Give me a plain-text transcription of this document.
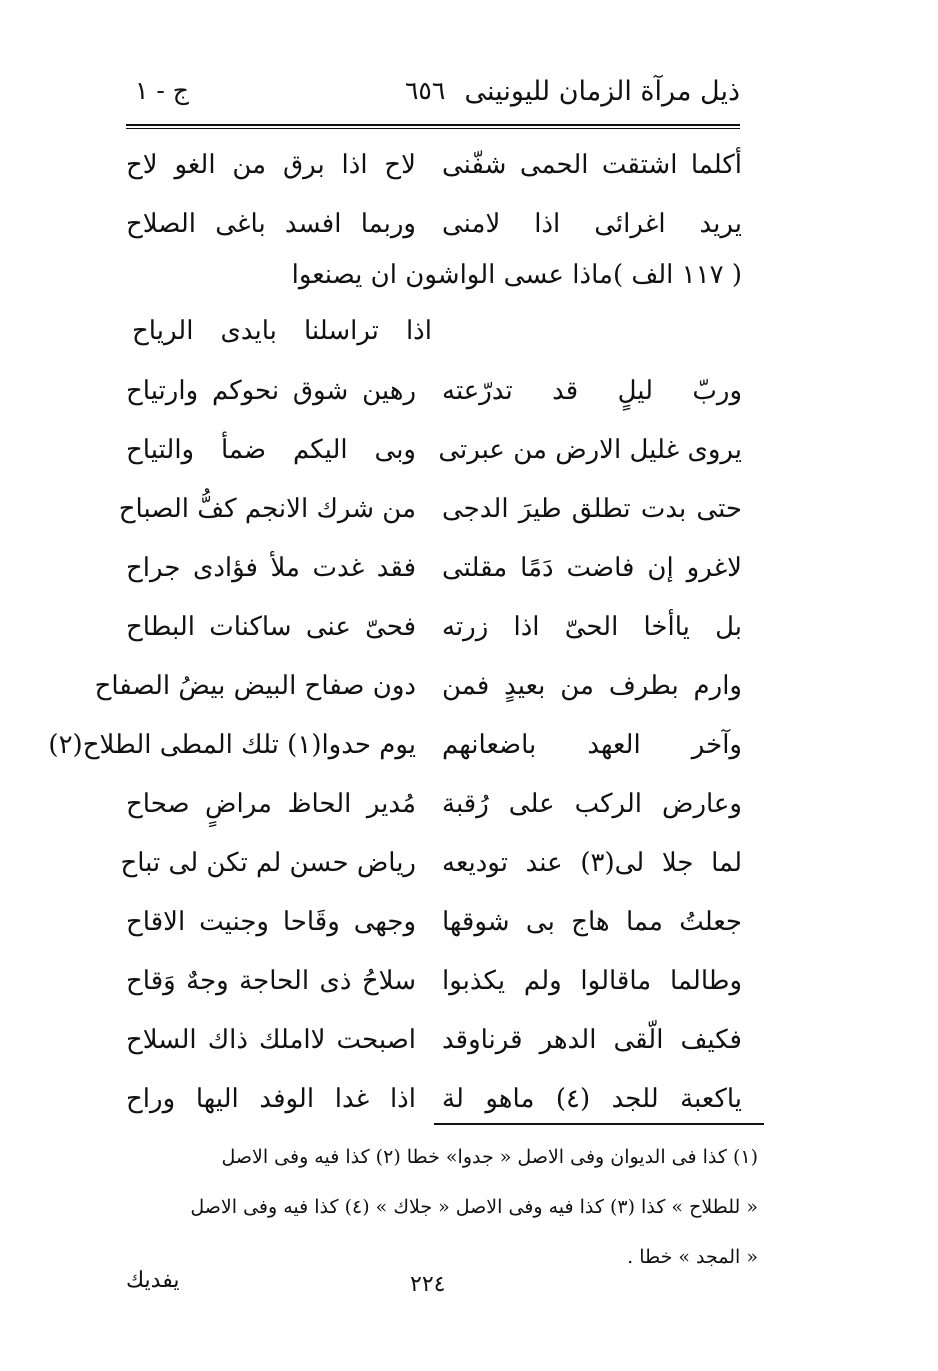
ذيل مرآة الزمان لليونينى
٦٥٦
ج - ١
أكلما اشتقت الحمى شفّنى
لاح اذا برق من الغو لاح
يريد اغرائى اذا لامنى
وربما افسد باغى الصلاح
( ١١٧ الف )ماذا عسى الواشون ان يصنعوا
اذا تراسلنا بايدى الرياح
وربّ ليلٍ قد تدرّعته
رهين شوق نحوكم وارتياح
يروى غليل الارض من عبرتى
وبى اليكم ضمأ والتياح
حتى بدت تطلق طيرَ الدجى
من شرك الانجم كفُّ الصباح
لاغرو إن فاضت دَمًا مقلتى
فقد غدت ملأ فؤادى جراح
بل ياأخا الحىّ اذا زرته
فحىّ عنى ساكنات البطاح
وارم بطرف من بعيدٍ فمن
دون صفاح البيض بيضُ الصفاح
وآخر العهد باضعانهم
يوم حدوا(١) تلك المطى الطلاح(٢)
وعارض الركب على رُقبة
مُدير الحاظ مراضٍ صحاح
لما جلا لى(٣) عند توديعه
رياض حسن لم تكن لى تباح
جعلتُ مما هاج بى شوقها
وجهى وقَاحا وجنيت الاقاح
وطالما ماقالوا ولم يكذبوا
سلاحُ ذى الحاجة وجهٌ وَقاح
فكيف الّقى الدهر قرناوقد
اصبحت لااملك ذاك السلاح
ياكعبة للجد (٤) ماهو لة
اذا غدا الوفد اليها وراح
(١) كذا فى الديوان وفى الاصل « جدوا» خطا (٢) كذا فيه وفى الاصل
« للطلاح » كذا (٣) كذا فيه وفى الاصل « جلاك » (٤) كذا فيه وفى الاصل
« المجد » خطا .
٢٢٤
يفديك
